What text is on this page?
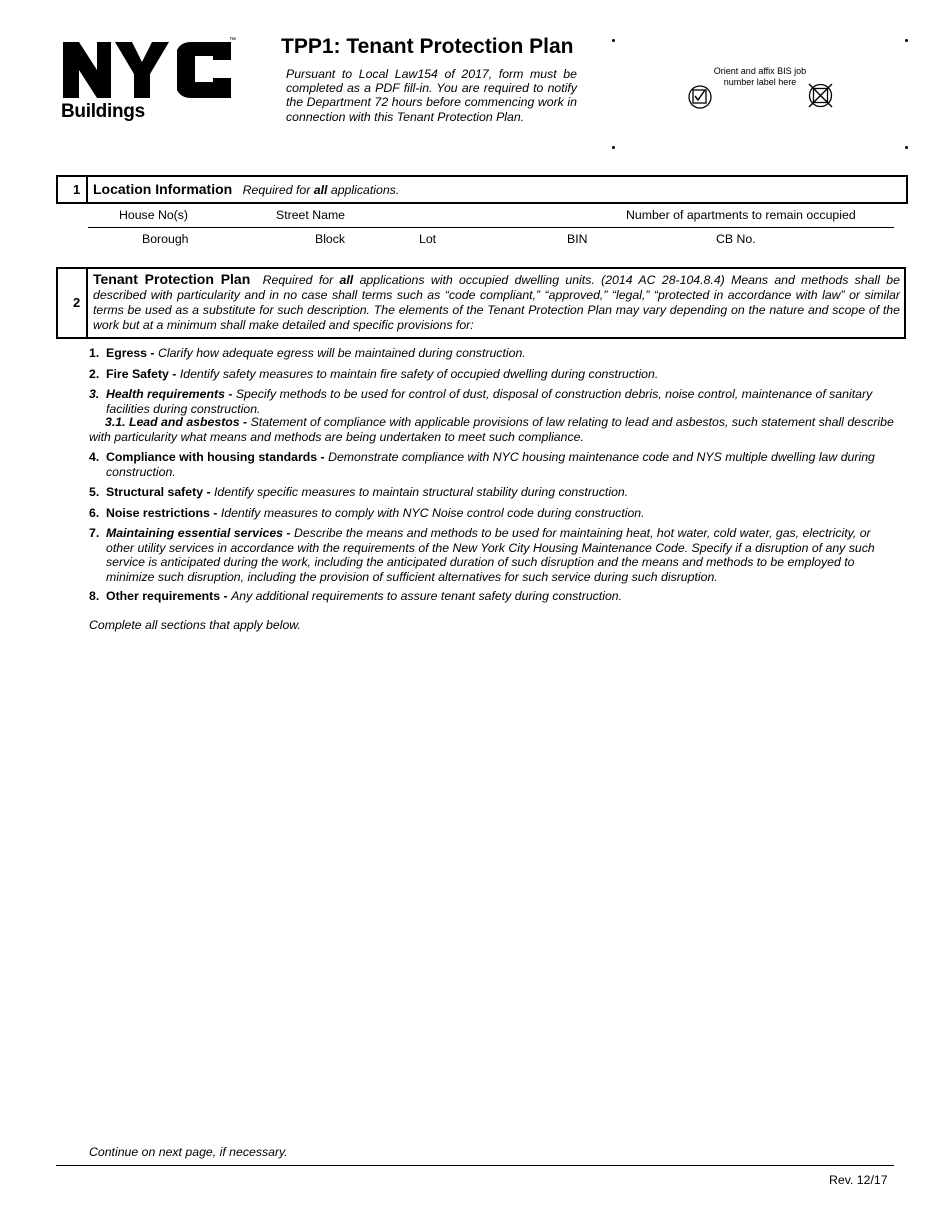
™
Buildings
TPP1: Tenant Protection Plan
Pursuant to Local Law154 of 2017, form must be completed as a PDF fill-in. You are required to notify the Department 72 hours before commencing work in connection with this Tenant Protection Plan.
Orient and affix BIS job number label here
1 Location Information Required for all applications.
House No(s)	Street Name	Number of apartments to remain occupied
Borough	Block	Lot	BIN	CB No.
2
Tenant Protection Plan Required for all applications with occupied dwelling units. (2014 AC 28-104.8.4) Means and methods shall be described with particularity and in no case shall terms such as “code compliant,” “approved,” “legal,” “protected in accordance with law” or similar terms be used as a substitute for such description. The elements of the Tenant Protection Plan may vary depending on the nature and scope of the work but at a minimum shall make detailed and specific provisions for:
1. Egress - Clarify how adequate egress will be maintained during construction.
2. Fire Safety - Identify safety measures to maintain fire safety of occupied dwelling during construction.
3. Health requirements - Specify methods to be used for control of dust, disposal of construction debris, noise control, maintenance of sanitary facilities during construction.
3.1. Lead and asbestos - Statement of compliance with applicable provisions of law relating to lead and asbestos, such statement shall describe with particularity what means and methods are being undertaken to meet such compliance.
4. Compliance with housing standards - Demonstrate compliance with NYC housing maintenance code and NYS multiple dwelling law during construction.
5. Structural safety - Identify specific measures to maintain structural stability during construction.
6. Noise restrictions - Identify measures to comply with NYC Noise control code during construction.
7. Maintaining essential services - Describe the means and methods to be used for maintaining heat, hot water, cold water, gas, electricity, or other utility services in accordance with the requirements of the New York City Housing Maintenance Code. Specify if a disruption of any such service is anticipated during the work, including the anticipated duration of such disruption and the means and methods to be employed to minimize such disruption, including the provision of sufficient alternatives for such service during such disruption.
8. Other requirements - Any additional requirements to assure tenant safety during construction.
Complete all sections that apply below.
Continue on next page, if necessary.
Rev. 12/17
